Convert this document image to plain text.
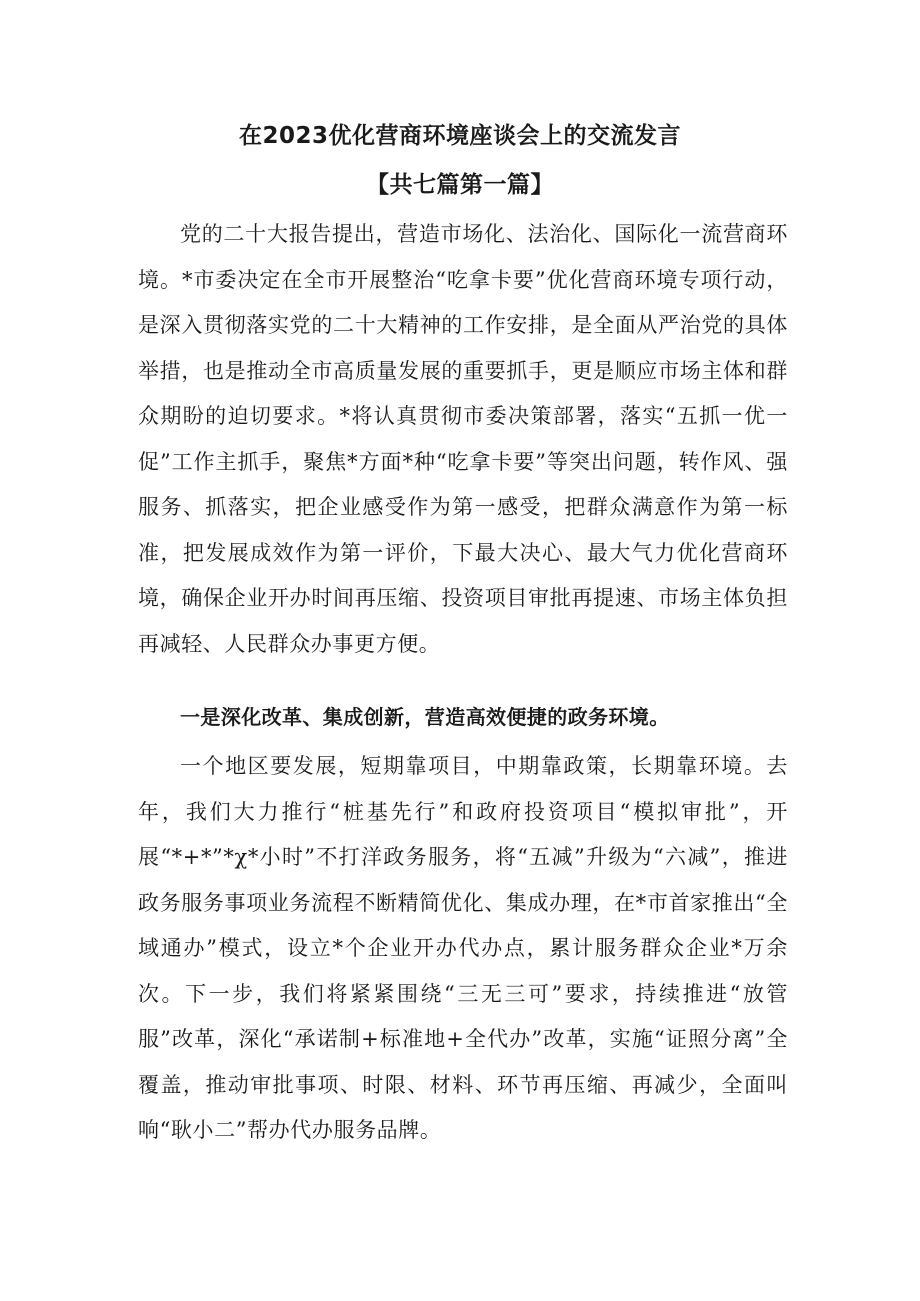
在2023优化营商环境座谈会上的交流发言
【共七篇第一篇】

党的二十大报告提出，营造市场化、法治化、国际化一流营商环境。*市委决定在全市开展整治“吃拿卡要”优化营商环境专项行动，是深入贯彻落实党的二十大精神的工作安排，是全面从严治党的具体举措，也是推动全市高质量发展的重要抓手，更是顺应市场主体和群众期盼的迫切要求。*将认真贯彻市委决策部署，落实“五抓一优一促”工作主抓手，聚焦*方面*种“吃拿卡要”等突出问题，转作风、强服务、抓落实，把企业感受作为第一感受，把群众满意作为第一标准，把发展成效作为第一评价，下最大决心、最大气力优化营商环境，确保企业开办时间再压缩、投资项目审批再提速、市场主体负担再减轻、人民群众办事更方便。

一是深化改革、集成创新，营造高效便捷的政务环境。

一个地区要发展，短期靠项目，中期靠政策，长期靠环境。去年，我们大力推行“桩基先行”和政府投资项目“模拟审批”，开展“*+*”*χ*小时”不打洋政务服务，将“五减”升级为“六减”，推进政务服务事项业务流程不断精简优化、集成办理，在*市首家推出“全域通办”模式，设立*个企业开办代办点，累计服务群众企业*万余次。下一步，我们将紧紧围绕“三无三可”要求，持续推进“放管服”改革，深化“承诺制+标准地+全代办”改革，实施“证照分离”全覆盖，推动审批事项、时限、材料、环节再压缩、再减少，全面叫响“耿小二”帮办代办服务品牌。
